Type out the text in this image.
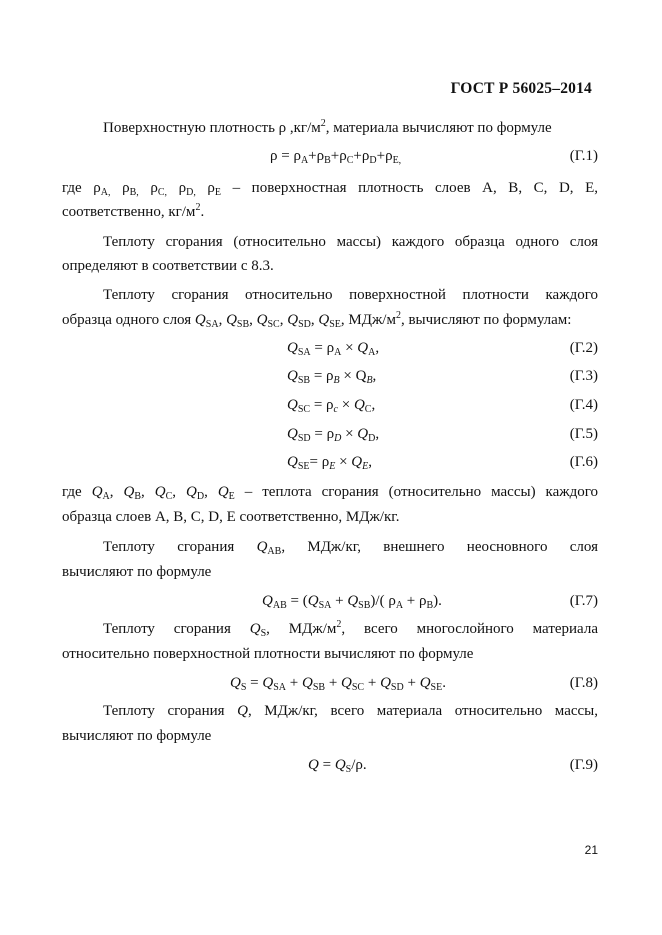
ГОСТ Р 56025–2014
Поверхностную плотность ρ $,кг/м^2$, материала вычисляют по формуле
$\rho = \rho_A+\rho_B+\rho_C+\rho_D+\rho_{E,}$	(Г.1)
где $\rho_{A,}$ $\rho_{B,}$ $\rho_{C,}$ $\rho_{D,}$ $\rho_E$ – поверхностная плотность слоев A, B, C, D, E,
соответственно, $кг/м^2$.
Теплоту сгорания (относительно массы) каждого образца одного слоя
определяют в соответствии с 8.3.
Теплоту сгорания относительно поверхностной плотности каждого
образца одного слоя $Q_{SA}$, $Q_{SB}$, $Q_{SC}$, $Q_{SD}$, $Q_{SE}$, МДж/$м^2$, вычисляют по формулам:
$Q_{SA} = \rho_A \times Q_A$,	(Г.2)
$Q_{SB} = \rho_B \times Q_B$,	(Г.3)
$Q_{SC} = \rho_c \times Q_C$,	(Г.4)
$Q_{SD} = \rho_D \times Q_D$,	(Г.5)
$Q_{SE}= \rho_E \times Q_E$,	(Г.6)
где $Q_A$, $Q_B$, $Q_C$, $Q_D$, $Q_E$ – теплота сгорания (относительно массы) каждого
образца слоев A, B, C, D, E соответственно, МДж/кг.
Теплоту сгорания $Q_{AB}$, МДж/кг, внешнего неосновного слоя
вычисляют по формуле
$Q_{AB} = (Q_{SA} + Q_{SB})/$( $\rho_A + \rho_B$).	(Г.7)
Теплоту сгорания $Q_S$, МДж/$м^2$, всего многослойного материала
относительно поверхностной плотности вычисляют по формуле
$Q_S = Q_{SA} + Q_{SB} + Q_{SC} + Q_{SD} + Q_{SE}$.	(Г.8)
Теплоту сгорания Q, МДж/кг, всего материала относительно массы,
вычисляют по формуле
$Q = Q_S/\rho$.	(Г.9)
21
